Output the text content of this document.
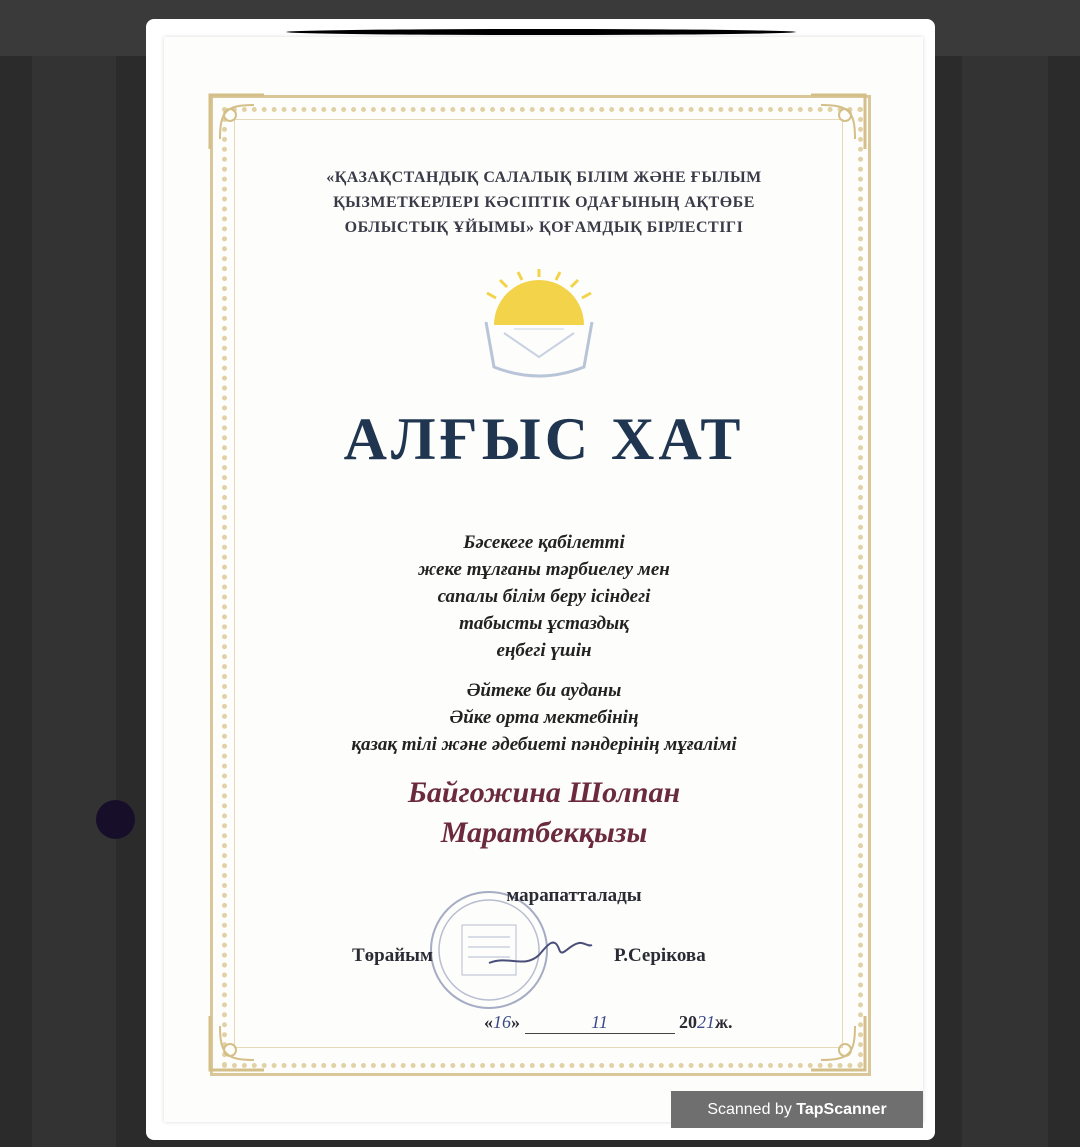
«ҚАЗАҚСТАНДЫҚ САЛАЛЫҚ БІЛІМ ЖӘНЕ ҒЫЛЫМ
ҚЫЗМЕТКЕРЛЕРІ КӘСІПТІК ОДАҒЫНЫҢ АҚТӨБЕ
ОБЛЫСТЫҚ ҰЙЫМЫ» ҚОҒАМДЫҚ БІРЛЕСТІГІ
АЛҒЫС ХАТ
Бәсекеге қабілетті
жеке тұлғаны тәрбиелеу мен
сапалы білім беру ісіндегі
табысты ұстаздық
еңбегі үшін
Әйтеке би ауданы
Әйке орта мектебінің
қазақ тілі және әдебиеті пәндерінің мұғалімі
Байгожина Шолпан
Маратбекқызы
марапатталады
Төрайым	Р.Серікова
«16»	11	2021ж.
Scanned by TapScanner
